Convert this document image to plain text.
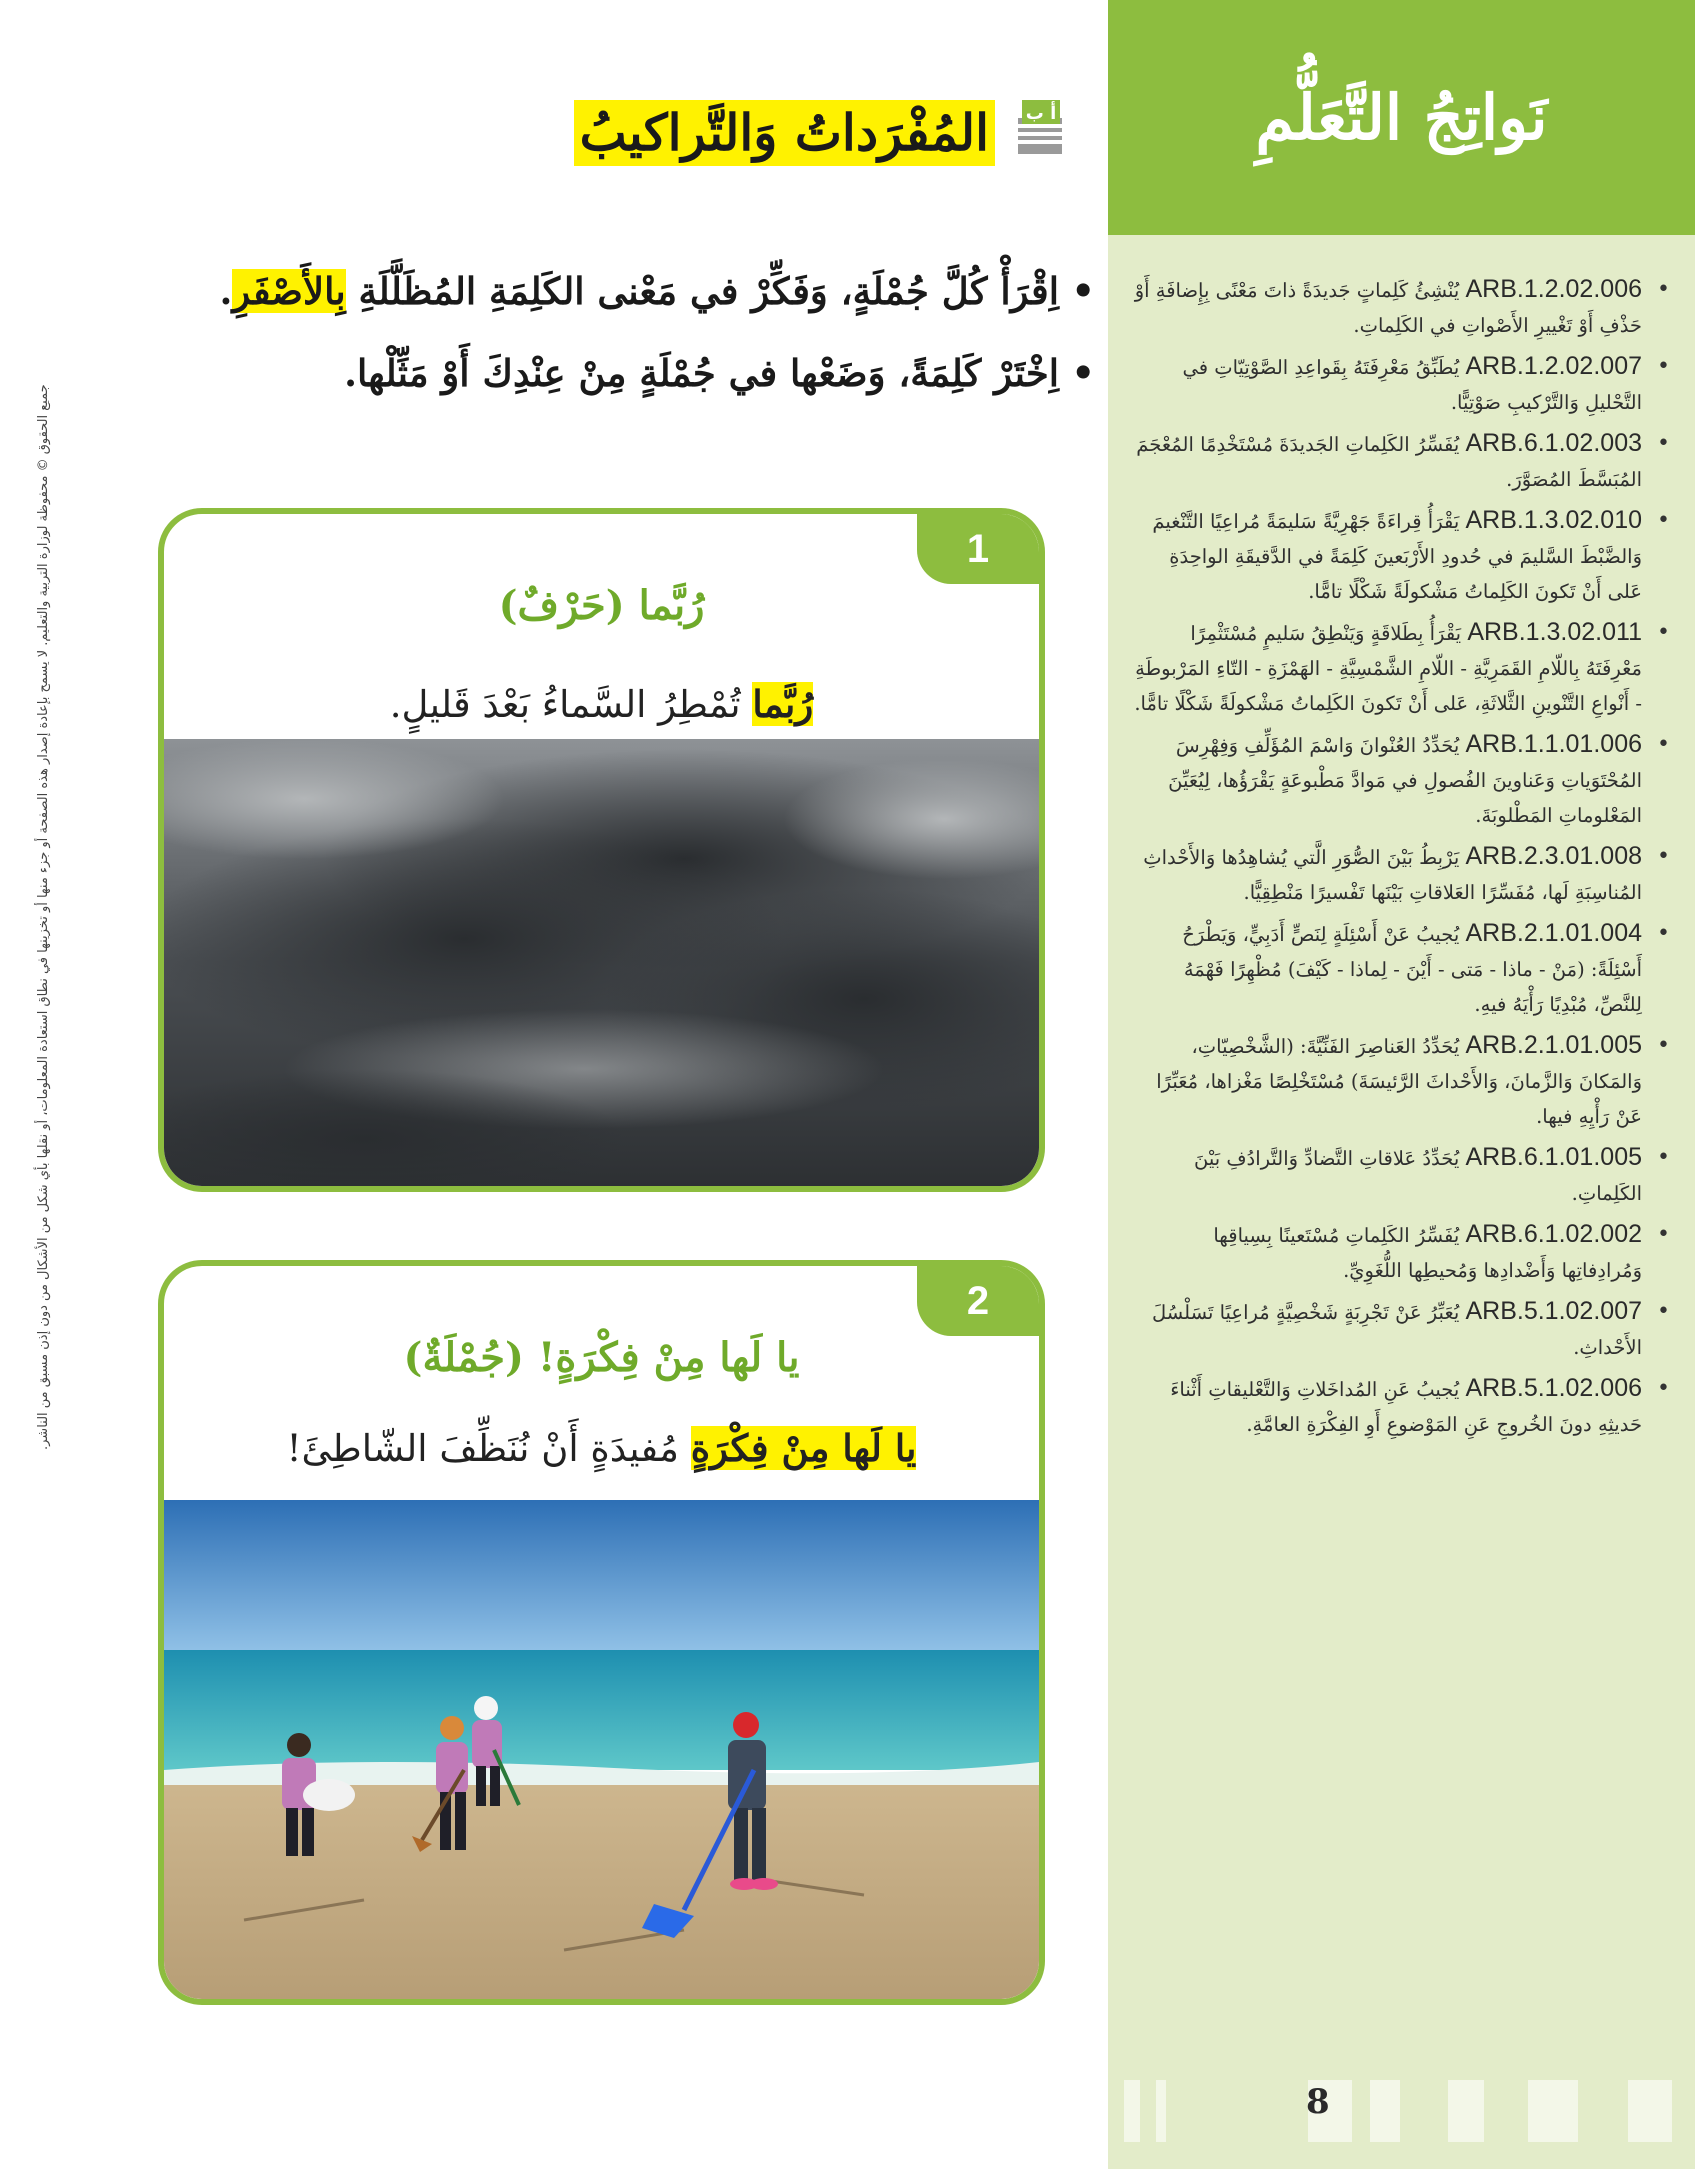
نَواتِجُ التَّعَلُّمِ
•
ARB.1.2.02.006 يُنْشِئُ كَلِماتٍ جَديدَةً ذاتَ مَعْنًى بِإِضافَةِ أَوْ حَذْفِ أَوْ تَغْييرِ الأَصْواتِ في الكَلِماتِ.
•
ARB.1.2.02.007 يُطَبِّقُ مَعْرِفَتَهُ بِقَواعِدِ الصَّوْتِيّاتِ في التَّحْليلِ وَالتَّرْكيبِ صَوْتِيًّا.
•
ARB.6.1.02.003 يُفَسِّرُ الكَلِماتِ الجَديدَةَ مُسْتَخْدِمًا المُعْجَمَ المُبَسَّطَ المُصَوَّرَ.
•
ARB.1.3.02.010 يَقْرَأُ قِراءَةً جَهْرِيَّةً سَليمَةً مُراعِيًا التَّنْغيمَ وَالضَّبْطَ السَّليمَ في حُدودِ الأَرْبَعينَ كَلِمَةً في الدَّقيقَةِ الواحِدَةِ عَلى أَنْ تَكونَ الكَلِماتُ مَشْكولَةً شَكْلًا تامًّا.
•
ARB.1.3.02.011 يَقْرَأُ بِطَلاقَةٍ وَيَنْطِقُ سَليمٍ مُسْتَثْمِرًا مَعْرِفَتَهُ بِاللّامِ القَمَرِيَّةِ - اللّامِ الشَّمْسِيَّةِ - الهَمْزَةِ - التّاءِ المَرْبوطَةِ - أَنْواعِ التَّنْوينِ الثَّلاثَةِ، عَلى أَنْ تَكونَ الكَلِماتُ مَشْكولَةً شَكْلًا تامًّا.
•
ARB.1.1.01.006 يُحَدِّدُ العُنْوانَ وَاسْمَ المُؤَلِّفِ وَفِهْرِسَ المُحْتَوَياتِ وَعَناوينَ الفُصولِ في مَوادَّ مَطْبوعَةٍ يَقْرَؤُها، لِيُعَيِّنَ المَعْلوماتِ المَطْلوبَةَ.
•
ARB.2.3.01.008 يَرْبِطُ بَيْنَ الصُّوَرِ الَّتي يُشاهِدُها وَالأَحْداثِ المُناسِبَةِ لَها، مُفَسِّرًا العَلاقاتِ بَيْنَها تَفْسيرًا مَنْطِقِيًّا.
•
ARB.2.1.01.004 يُجيبُ عَنْ أَسْئِلَةٍ لِنَصٍّ أَدَبِيٍّ، وَيَطْرَحُ أَسْئِلَةً: (مَنْ - ماذا - مَتى - أَيْنَ - لِماذا - كَيْفَ) مُظْهِرًا فَهْمَهُ لِلنَّصِّ، مُبْدِيًا رَأْيَهُ فيهِ.
•
ARB.2.1.01.005 يُحَدِّدُ العَناصِرَ الفَنِّيَّةَ: (الشَّخْصِيّاتِ، وَالمَكانَ وَالزَّمانَ، وَالأَحْداثَ الرَّئيسَةَ) مُسْتَخْلِصًا مَغْزاها، مُعَبِّرًا عَنْ رَأْيِهِ فيها.
•
ARB.6.1.01.005 يُحَدِّدُ عَلاقاتِ التَّضادِّ وَالتَّرادُفِ بَيْنَ الكَلِماتِ.
•
ARB.6.1.02.002 يُفَسِّرُ الكَلِماتِ مُسْتَعينًا بِسِياقِها وَمُرادِفاتِها وَأَضْدادِها وَمُحيطِها اللُّغَوِيِّ.
•
ARB.5.1.02.007 يُعَبِّرُ عَنْ تَجْرِبَةٍ شَخْصِيَّةٍ مُراعِيًا تَسَلْسُلَ الأَحْداثِ.
•
ARB.5.1.02.006 يُجيبُ عَنِ المُداخَلاتِ وَالتَّعْليقاتِ أَثْناءَ حَديثِهِ دونَ الخُروجِ عَنِ المَوْضوعِ أَوِ الفِكْرَةِ العامَّةِ.
8
أ ب
المُفْرَداتُ وَالتَّراكيبُ
•
اِقْرَأْ كُلَّ جُمْلَةٍ، وَفَكِّرْ في مَعْنى الكَلِمَةِ المُظَلَّلَةِ بِالأَصْفَرِ.
•
اِخْتَرْ كَلِمَةً، وَضَعْها في جُمْلَةٍ مِنْ عِنْدِكَ أَوْ مَثِّلْها.
1
رُبَّما (حَرْفٌ)
رُبَّما تُمْطِرُ السَّماءُ بَعْدَ قَليلٍ.
2
يا لَها مِنْ فِكْرَةٍ! (جُمْلَةٌ)
يا لَها مِنْ فِكْرَةٍ مُفيدَةٍ أَنْ نُنَظِّفَ الشّاطِئَ!
جميع الحقوق © محفوظة لوزارة التربية والتعليم. لا يسمح بإعادة إصدار هذه الصفحة أو جزء منها أو تخزينها في نطاق استعادة المعلومات، أو نقلها بأي شكل من الأشكال من دون إذن مسبق من الناشر.
